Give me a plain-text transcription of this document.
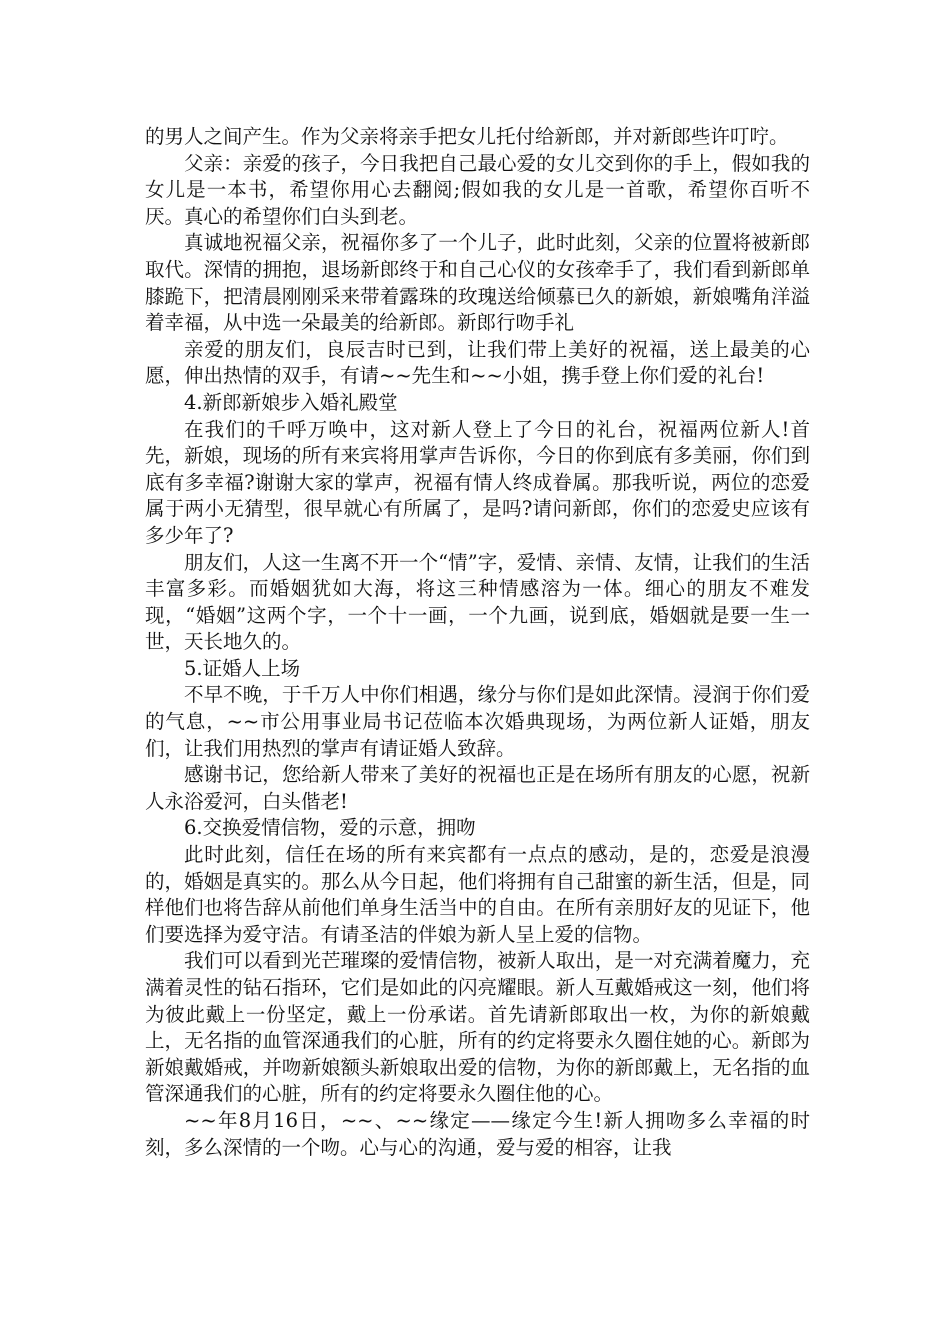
的男人之间产生。作为父亲将亲手把女儿托付给新郎，并对新郎些许叮咛。

父亲：亲爱的孩子，今日我把自己最心爱的女儿交到你的手上，假如我的女儿是一本书，希望你用心去翻阅;假如我的女儿是一首歌，希望你百听不厌。真心的希望你们白头到老。

真诚地祝福父亲，祝福你多了一个儿子，此时此刻，父亲的位置将被新郎取代。深情的拥抱，退场新郎终于和自己心仪的女孩牵手了，我们看到新郎单膝跪下，把清晨刚刚采来带着露珠的玫瑰送给倾慕已久的新娘，新娘嘴角洋溢着幸福，从中选一朵最美的给新郎。新郎行吻手礼

亲爱的朋友们，良辰吉时已到，让我们带上美好的祝福，送上最美的心愿，伸出热情的双手，有请~~先生和~~小姐，携手登上你们爱的礼台!

4.新郎新娘步入婚礼殿堂

在我们的千呼万唤中，这对新人登上了今日的礼台，祝福两位新人!首先，新娘，现场的所有来宾将用掌声告诉你，今日的你到底有多美丽，你们到底有多幸福?谢谢大家的掌声，祝福有情人终成眷属。那我听说，两位的恋爱属于两小无猜型，很早就心有所属了，是吗?请问新郎，你们的恋爱史应该有多少年了?

朋友们，人这一生离不开一个“情”字，爱情、亲情、友情，让我们的生活丰富多彩。而婚姻犹如大海，将这三种情感溶为一体。细心的朋友不难发现，“婚姻”这两个字，一个十一画，一个九画，说到底，婚姻就是要一生一世，天长地久的。

5.证婚人上场

不早不晚，于千万人中你们相遇，缘分与你们是如此深情。浸润于你们爱的气息，~~市公用事业局书记莅临本次婚典现场，为两位新人证婚，朋友们，让我们用热烈的掌声有请证婚人致辞。

感谢书记，您给新人带来了美好的祝福也正是在场所有朋友的心愿，祝新人永浴爱河，白头偕老!

6.交换爱情信物，爱的示意，拥吻

此时此刻，信任在场的所有来宾都有一点点的感动，是的，恋爱是浪漫的，婚姻是真实的。那么从今日起，他们将拥有自己甜蜜的新生活，但是，同样他们也将告辞从前他们单身生活当中的自由。在所有亲朋好友的见证下，他们要选择为爱守洁。有请圣洁的伴娘为新人呈上爱的信物。

我们可以看到光芒璀璨的爱情信物，被新人取出，是一对充满着魔力，充满着灵性的钻石指环，它们是如此的闪亮耀眼。新人互戴婚戒这一刻，他们将为彼此戴上一份坚定，戴上一份承诺。首先请新郎取出一枚，为你的新娘戴上，无名指的血管深通我们的心脏，所有的约定将要永久圈住她的心。新郎为新娘戴婚戒，并吻新娘额头新娘取出爱的信物，为你的新郎戴上，无名指的血管深通我们的心脏，所有的约定将要永久圈住他的心。

~~年8月16日，~~、~~缘定——缘定今生!新人拥吻多么幸福的时刻，多么深情的一个吻。心与心的沟通，爱与爱的相容，让我
